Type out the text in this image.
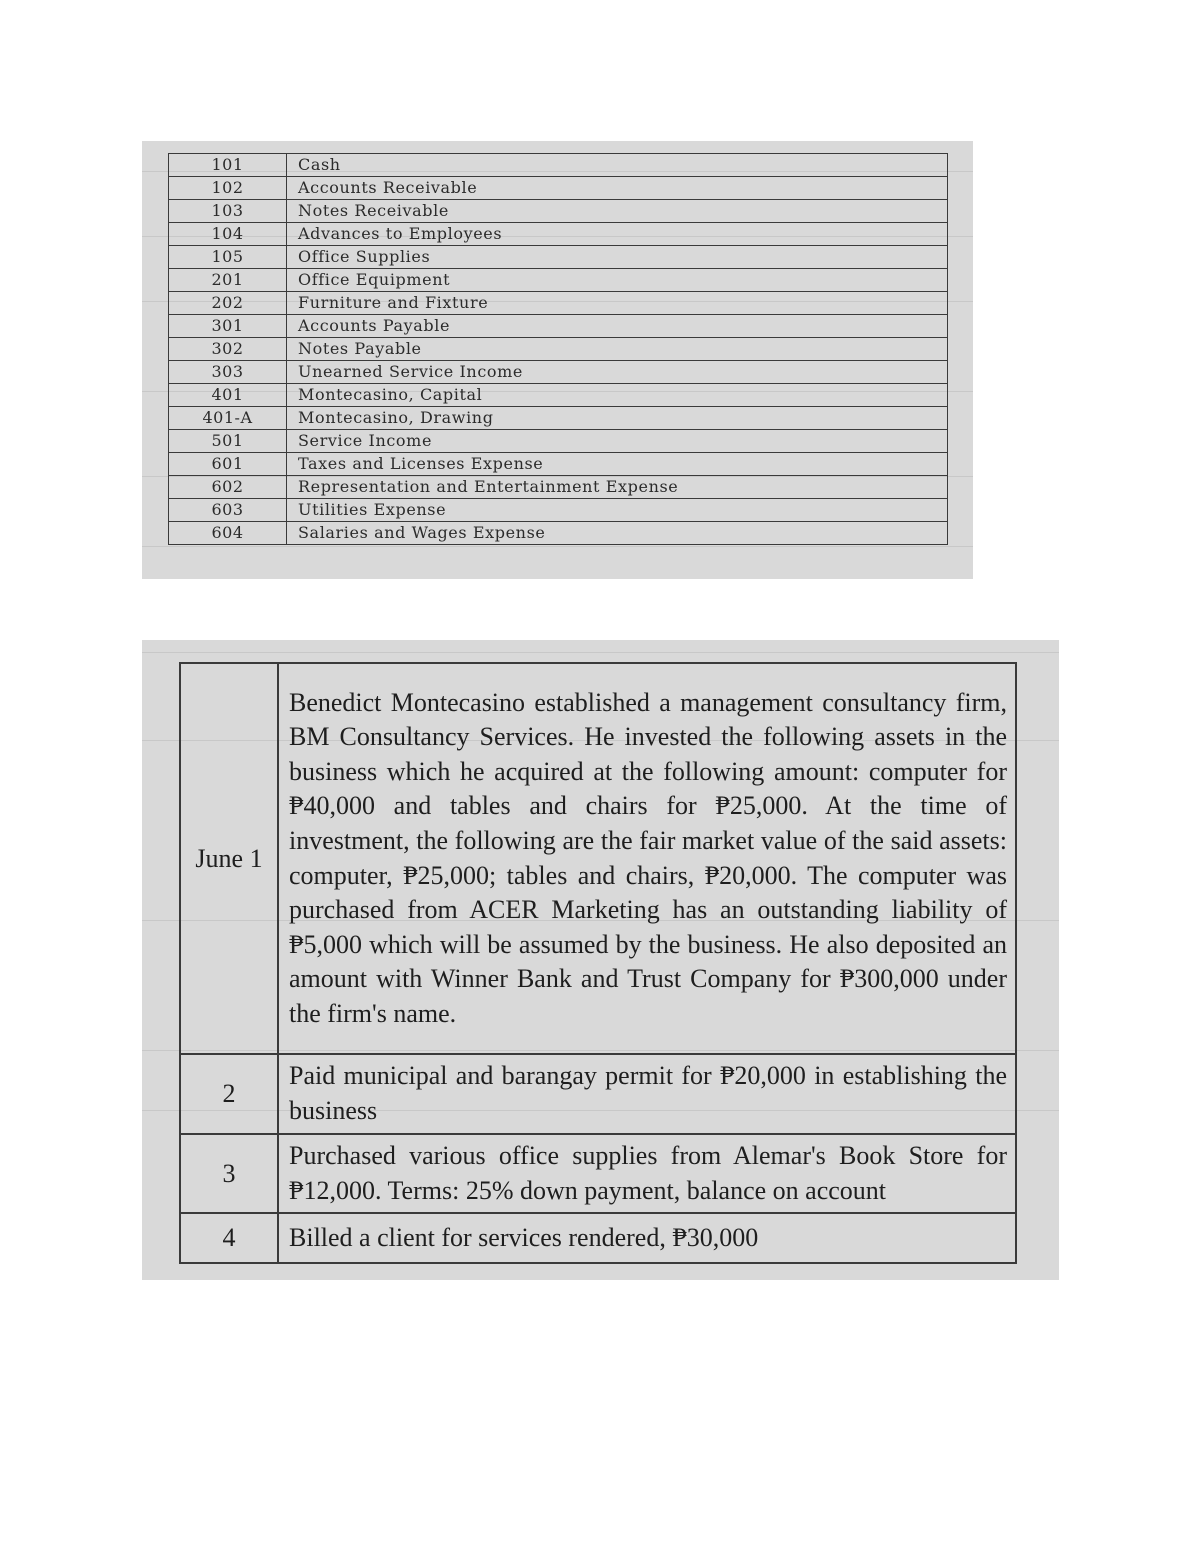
101	Cash
102	Accounts Receivable
103	Notes Receivable
104	Advances to Employees
105	Office Supplies
201	Office Equipment
202	Furniture and Fixture
301	Accounts Payable
302	Notes Payable
303	Unearned Service Income
401	Montecasino, Capital
401-A	Montecasino, Drawing
501	Service Income
601	Taxes and Licenses Expense
602	Representation and Entertainment Expense
603	Utilities Expense
604	Salaries and Wages Expense
June 1	Benedict Montecasino established a management consultancy firm, BM Consultancy Services. He invested the following assets in the business which he acquired at the following amount: computer for ₱40,000 and tables and chairs for ₱25,000. At the time of investment, the following are the fair market value of the said assets: computer, ₱25,000; tables and chairs, ₱20,000. The computer was purchased from ACER Marketing has an outstanding liability of ₱5,000 which will be assumed by the business. He also deposited an amount with Winner Bank and Trust Company for ₱300,000 under the firm's name.
2	Paid municipal and barangay permit for ₱20,000 in establishing the business
3	Purchased various office supplies from Alemar's Book Store for ₱12,000. Terms: 25% down payment, balance on account
4	Billed a client for services rendered, ₱30,000
